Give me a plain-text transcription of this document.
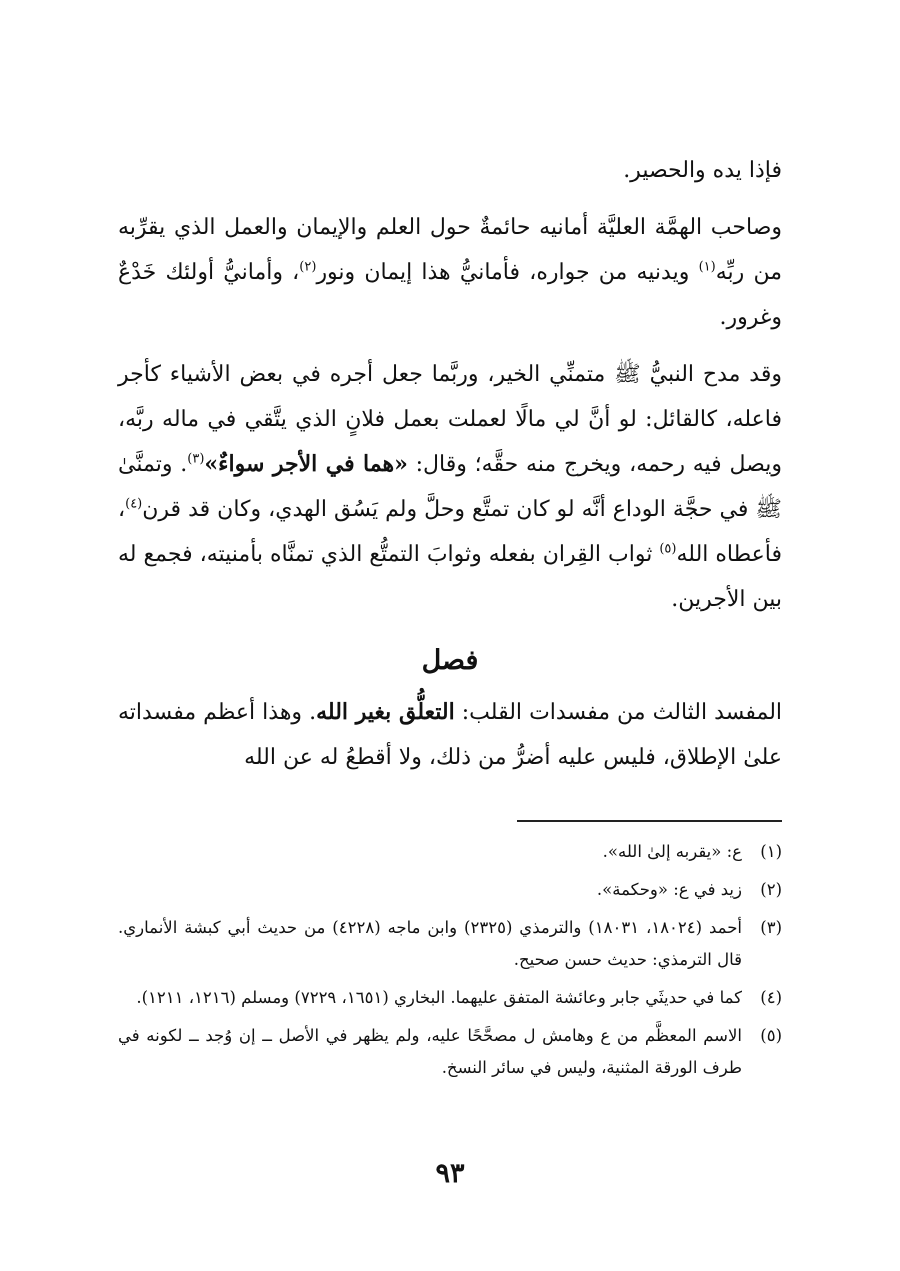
فإذا يده والحصير.

وصاحب الهمَّة العليَّة أمانيه حائمةٌ حول العلم والإيمان والعمل الذي يقرِّبه من ربِّه$^{(١)}$ ويدنيه من جواره، فأمانيُّ هذا إيمان ونور$^{(٢)}$، وأمانيُّ أولئك خَدْعٌ وغرور.

وقد مدح النبيُّ ﷺ متمنِّي الخير، وربَّما جعل أجره في بعض الأشياء كأجر فاعله، كالقائل: لو أنَّ لي مالًا لعملت بعمل فلانٍ الذي يتَّقي في ماله ربَّه، ويصل فيه رحمه، ويخرج منه حقَّه؛ وقال: «هما في الأجر سواءٌ»$^{(٣)}$. وتمنَّىٰ ﷺ في حجَّة الوداع أنَّه لو كان تمتَّع وحلَّ ولم يَسُق الهدي، وكان قد قرن$^{(٤)}$، فأعطاه الله$^{(٥)}$ ثواب القِران بفعله وثوابَ التمتُّع الذي تمنَّاه بأمنيته، فجمع له بين الأجرين.

فصل

المفسد الثالث من مفسدات القلب: التعلُّق بغير الله. وهذا أعظم مفسداته علىٰ الإطلاق، فليس عليه أضرُّ من ذلك، ولا أقطعُ له عن الله

(١)
ع: «يقربه إلىٰ الله».
(٢)
زيد في ع: «وحكمة».
(٣)
أحمد (١٨٠٢٤، ١٨٠٣١) والترمذي (٢٣٢٥) وابن ماجه (٤٢٢٨) من حديث أبي كبشة الأنماري. قال الترمذي: حديث حسن صحيح.
(٤)
كما في حديثَي جابر وعائشة المتفق عليهما. البخاري (١٦٥١، ٧٢٢٩) ومسلم (١٢١٦، ١٢١١).
(٥)
الاسم المعظَّم من ع وهامش ل مصحَّحًا عليه، ولم يظهر في الأصل ــ إن وُجد ــ لكونه في طرف الورقة المثنية، وليس في سائر النسخ.
٩٣
